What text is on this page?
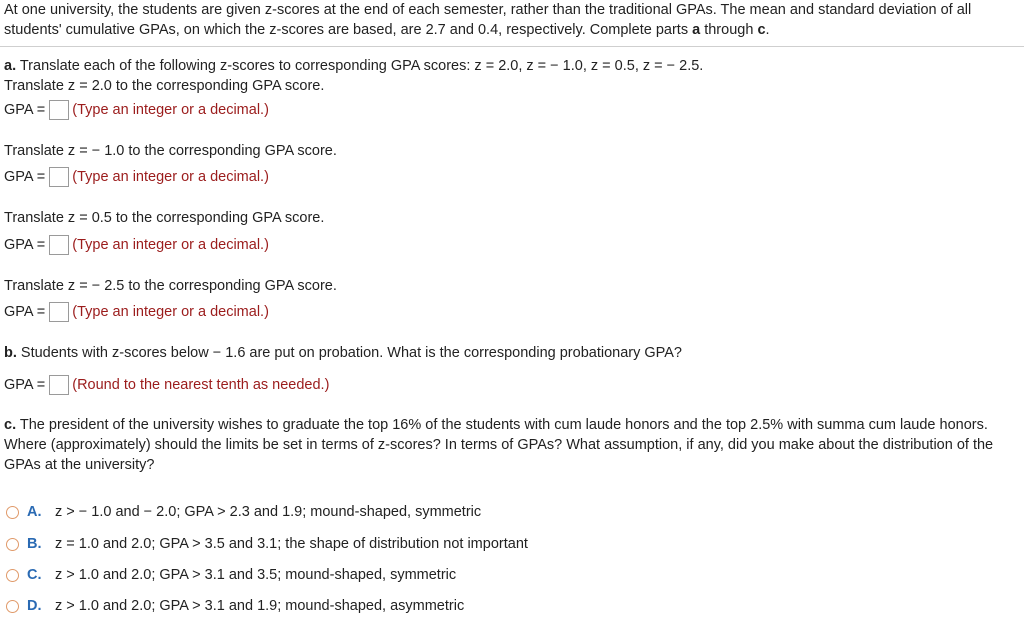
At one university, the students are given z-scores at the end of each semester, rather than the traditional GPAs. The mean and standard deviation of all students' cumulative GPAs, on which the z-scores are based, are 2.7 and 0.4, respectively. Complete parts a through c.
a. Translate each of the following z-scores to corresponding GPA scores: z = 2.0, z = − 1.0, z = 0.5, z = − 2.5.
Translate z = 2.0 to the corresponding GPA score.
GPA = (Type an integer or a decimal.)
Translate z = − 1.0 to the corresponding GPA score.
GPA = (Type an integer or a decimal.)
Translate z = 0.5 to the corresponding GPA score.
GPA = (Type an integer or a decimal.)
Translate z = − 2.5 to the corresponding GPA score.
GPA = (Type an integer or a decimal.)
b. Students with z-scores below − 1.6 are put on probation. What is the corresponding probationary GPA?
GPA = (Round to the nearest tenth as needed.)
c. The president of the university wishes to graduate the top 16% of the students with cum laude honors and the top 2.5% with summa cum laude honors. Where (approximately) should the limits be set in terms of z-scores? In terms of GPAs? What assumption, if any, did you make about the distribution of the GPAs at the university?
A. z > − 1.0 and − 2.0; GPA > 2.3 and 1.9; mound-shaped, symmetric
B. z = 1.0 and 2.0; GPA > 3.5 and 3.1; the shape of distribution not important
C. z > 1.0 and 2.0; GPA > 3.1 and 3.5; mound-shaped, symmetric
D. z > 1.0 and 2.0; GPA > 3.1 and 1.9; mound-shaped, asymmetric
